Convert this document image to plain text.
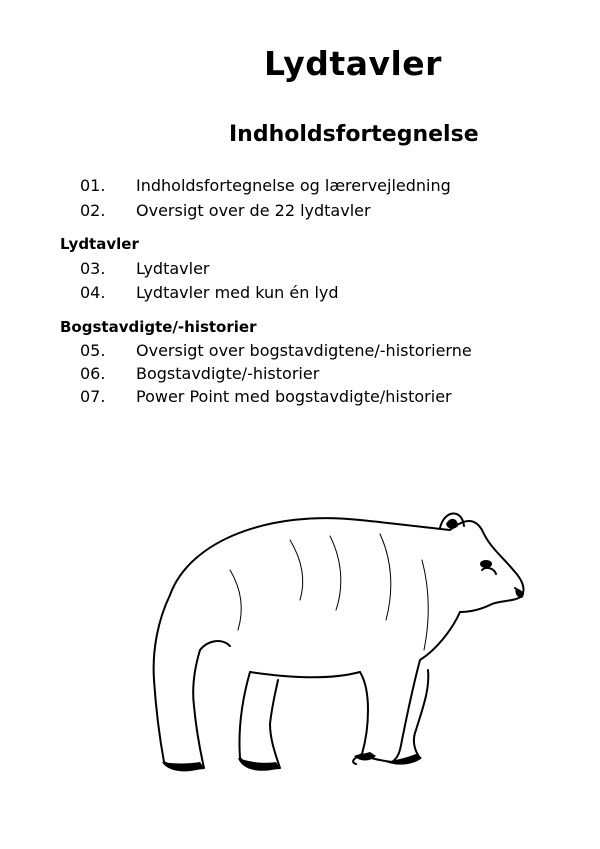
Lydtavler
Indholdsfortegnelse
01. Indholdsfortegnelse og lærervejledning
02. Oversigt over de 22 lydtavler
Lydtavler
03. Lydtavler
04. Lydtavler med kun én lyd
Bogstavdigte/-historier
05. Oversigt over bogstavdigtene/-historierne
06. Bogstavdigte/-historier
07. Power Point med bogstavdigte/historier
